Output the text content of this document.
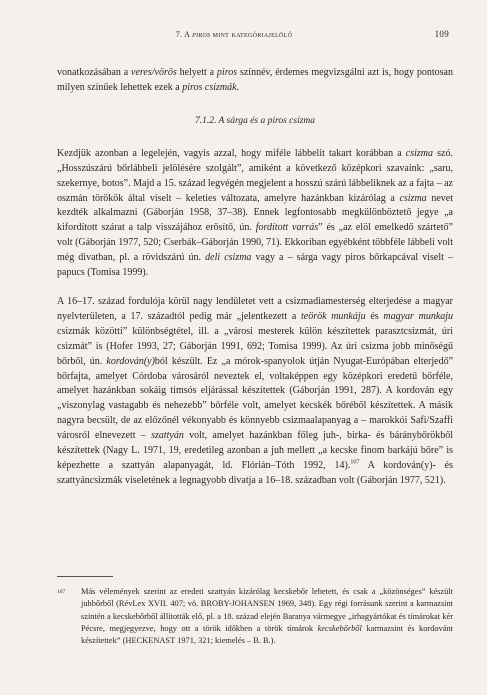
7. A piros mint kategóriajelölő	109

vonatkozásában a veres/vörös helyett a piros színnév, érdemes megvizsgálni azt is, hogy pontosan milyen színűek lehettek ezek a piros csizmák.

7.1.2. A sárga és a piros csizma

Kezdjük azonban a legelején, vagyis azzal, hogy miféle lábbelit takart korábban a csizma szó. „Hosszúszárú bőrlábbeli jelölésére szolgált”, amiként a következő középkori szavaink: „saru, szekernye, botos”. Majd a 15. század legvégén megjelent a hosszú szárú lábbeliknek az a fajta – az oszmán törökök által viselt – keleties változata, amelyre hazánkban kizárólag a csizma nevet kezdték alkalmazni (Gáborján 1958, 37–38). Ennek legfontosabb megkülönböztető jegye „a kifordított szárat a talp visszájához erősítő, ún. fordított varrás” és „az elöl emelkedő szártető” volt (Gáborján 1977, 520; Cserbák–Gáborján 1990, 71). Ekkoriban egyébként többféle lábbeli volt még divatban, pl. a rövidszárú ún. deli csizma vagy a – sárga vagy piros bőrkapcával viselt – papucs (Tomisa 1999).

A 16–17. század fordulója körül nagy lendületet vett a csizmadiamesterség elterjedése a magyar nyelvterületen, a 17. századtól pedig már „jelentkezett a teörök munkáju és magyar munkaju csizmák közötti” különbségtétel, ill. a „városi mesterek külön készítettek parasztcsizmát, úri csizmát” is (Hofer 1993, 27; Gáborján 1991, 692; Tomisa 1999). Az úri csizma jobb minőségű bőrből, ún. kordován(y)ból készült. Ez „a mórok-spanyolok útján Nyugat-Európában elterjedő” bőrfajta, amelyet Córdoba városáról neveztek el, voltaképpen egy középkori eredetű bőrféle, amelyet hazánkban sokáig timsós eljárással készítettek (Gáborján 1991, 287). A kordován egy „viszonylag vastagabb és nehezebb” bőrféle volt, amelyet kecskék bőréből készítettek. A másik nagyra becsült, de az előzőnél vékonyabb és könnyebb csizmaalapanyag a – marokkói Safi/Szaffi városról elnevezett – szattyán volt, amelyet hazánkban főleg juh-, birka- és báránybőrökből készítettek (Nagy L. 1971, 19, eredetileg azonban a juh mellett „a kecske finom barkájú bőre” is képezhette a szattyán alapanyagát, ld. Flórián–Tóth 1992, 14).$^{107}$ A kordován(y)- és szattyáncsizmák viseletének a legnagyobb divatja a 16–18. században volt (Gáborján 1977, 521).

107 Más vélemények szerint az eredeti szattyán kizárólag kecskebőr lehetett, és csak a „közönséges” készült juhbőrből (RévLex XVII. 407; vö. BROBY-JOHANSEN 1969, 348). Egy régi forrásunk szerint a karmazsint szintén a kecskebőrből állították elő, pl. a 18. század elején Baranya vármegye „irhagyártókat és tímárokat kér Pécsre, megjegyezve, hogy ott a török időkben a török tímárok kecskebőrből karmazsint és kordovánt készítettek” (HECKENAST 1971, 321; kiemelés – B. B.).
